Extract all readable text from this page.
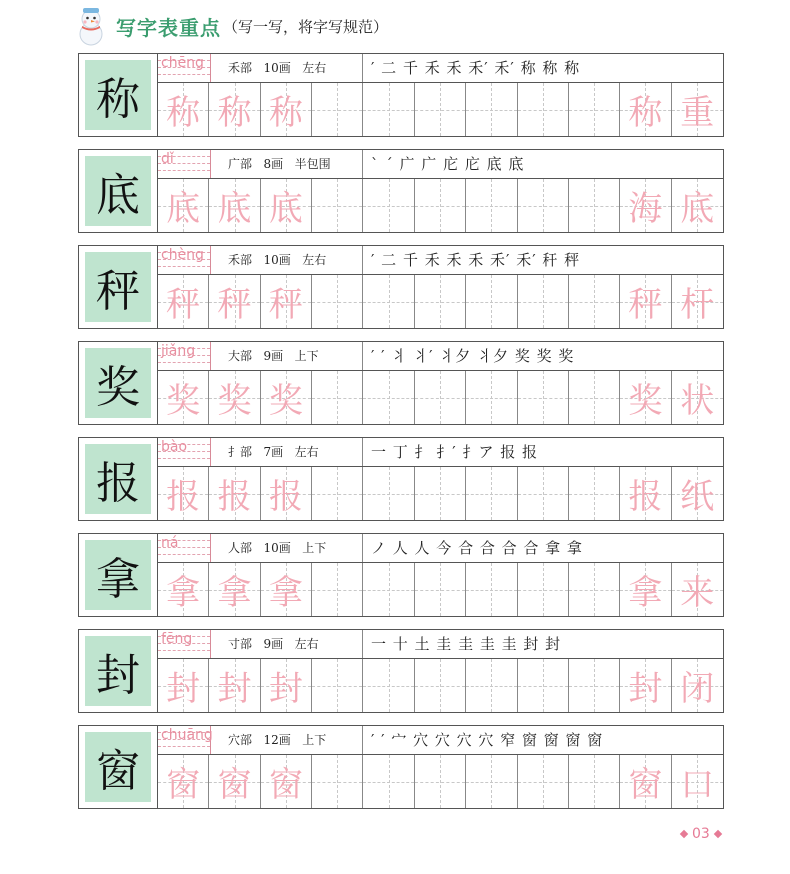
写字表重点 （写一写，将字写规范）
称
chēng 禾部 10画 左右	′ 二 千 禾 禾 禾′ 禾′ 称 称 称
称 称 称	称 重
底
dǐ	广部 8画 半包围	` ˊ 广 广 庀 庀 底 底
底 底 底	海 底
秤
chèng 禾部 10画 左右	′ 二 千 禾 禾 禾 禾′ 禾′ 秆 秤
秤 秤 秤	秤 杆
奖
jiǎng	大部 9画 上下	′ ′ 丬 丬′ 丬夕 丬夕 奖 奖 奖
奖 奖 奖	奖 状
报
bào	扌部 7画 左右	一 丁 扌 扌′ 扌ア 报 报
报 报 报	报 纸
拿
ná	人部 10画 上下	ノ 人 人 今 合 合 合 合 拿 拿
拿 拿 拿	拿 来
封
fēng	寸部 9画 左右	一 十 土 圭 圭 圭 圭 封 封
封 封 封	封 闭
窗
chuāng 穴部 12画 上下	′ ′ 宀 穴 穴 穴 穴 窄 窗 窗 窗 窗
窗 窗 窗	窗 口
03
